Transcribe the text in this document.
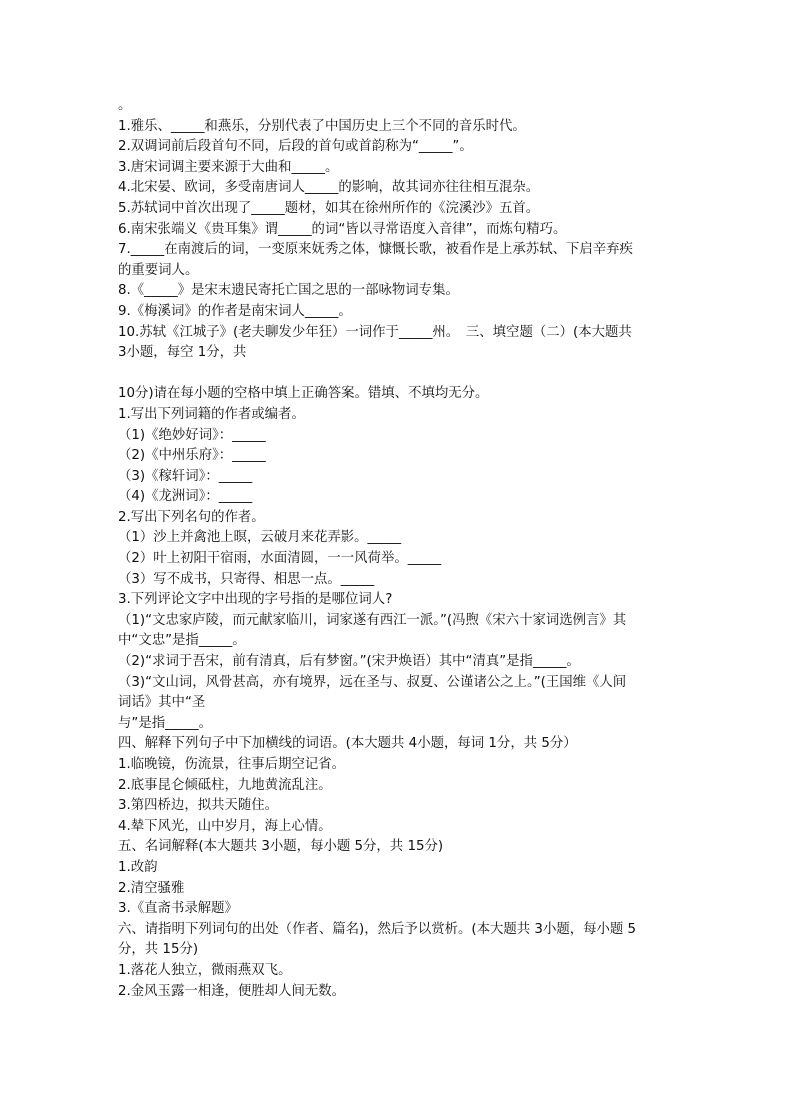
。
1.雅乐、_____和燕乐，分别代表了中国历史上三个不同的音乐时代。
2.双调词前后段首句不同，后段的首句或首韵称为“_____”。
3.唐宋词调主要来源于大曲和_____。
4.北宋晏、欧词，多受南唐词人_____的影响，故其词亦往往相互混杂。
5.苏轼词中首次出现了_____题材，如其在徐州所作的《浣溪沙》五首。
6.南宋张端义《贵耳集》谓_____的词“皆以寻常语度入音律”，而炼句精巧。
7._____在南渡后的词，一变原来妩秀之体，慷慨长歌，被看作是上承苏轼、下启辛弃疾
的重要词人。
8.《_____》是宋末遗民寄托亡国之思的一部咏物词专集。
9.《梅溪词》的作者是南宋词人_____。
10.苏轼《江城子》(老夫聊发少年狂）一词作于_____州。　三、填空题（二）(本大题共
3小题，每空 1分，共
10分)请在每小题的空格中填上正确答案。错填、不填均无分。
1.写出下列词籍的作者或编者。
（1)《绝妙好词》：_____
（2)《中州乐府》：_____
（3)《稼轩词》：_____
（4)《龙洲词》：_____
2.写出下列名句的作者。
（1）沙上并禽池上暝，云破月来花弄影。_____
（2）叶上初阳干宿雨，水面清圆，一一风荷举。_____
（3）写不成书，只寄得、相思一点。_____
3.下列评论文字中出现的字号指的是哪位词人?
（1)“文忠家庐陵，而元献家临川，词家遂有西江一派。”(冯煦《宋六十家词选例言》其
中“文忠”是指_____。
（2)“求词于吾宋，前有清真，后有梦窗。”(宋尹焕语）其中“清真”是指_____。
（3)“文山词，风骨甚高，亦有境界，远在圣与、叔夏、公谨诸公之上。”(王国维《人间
词话》其中“圣
与”是指_____。
四、解释下列句子中下加横线的词语。(本大题共 4小题，每词 1分，共 5分）
1.临晚镜，伤流景，往事后期空记省。
2.底事昆仑倾砥柱，九地黄流乱注。
3.第四桥边，拟共天随住。
4.辇下风光，山中岁月，海上心情。
五、名词解释(本大题共 3小题，每小题 5分，共 15分)
1.改韵
2.清空骚雅
3.《直斋书录解题》
六、请指明下列词句的出处（作者、篇名)，然后予以赏析。(本大题共 3小题，每小题 5
分，共 15分)
1.落花人独立，微雨燕双飞。
2.金风玉露一相逢，便胜却人间无数。
